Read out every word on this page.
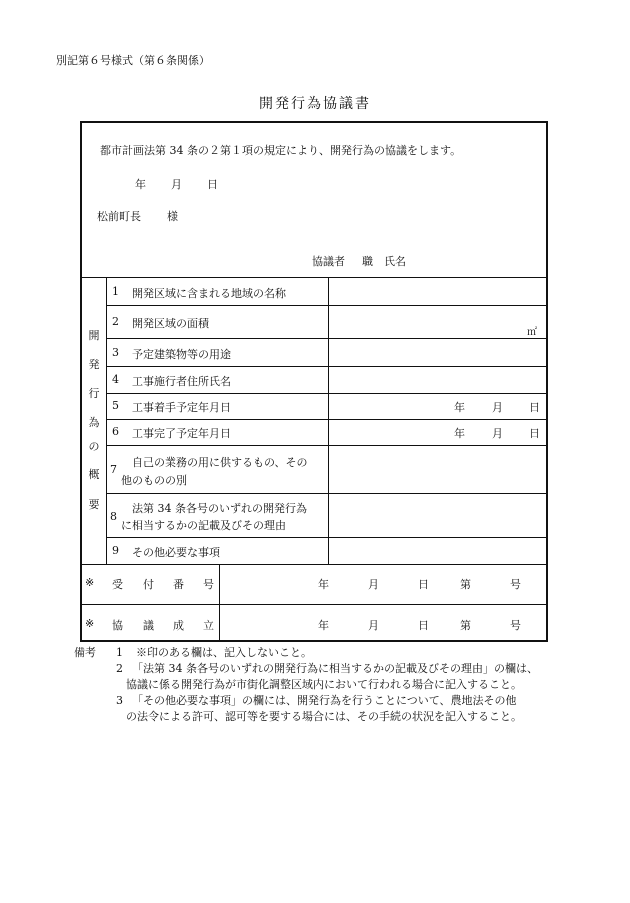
別記第６号様式（第６条関係）
開発行為協議書
都市計画法第 34 条の２第１項の規定により、開発行為の協議をします。
年 月 日
松前町長 様
協議者 職 氏名
開
発
行
為
の
概
要
1 開発区域に含まれる地域の名称
2 開発区域の面積
㎡
3 予定建築物等の用途
4 工事施行者住所氏名
5 工事着手予定年月日	年 月 日
6 工事完了予定年月日	年 月 日
7
自己の業務の用に供するもの、その
他のものの別
8
法第 34 条各号のいずれの開発行為
に相当するかの記載及びその理由
9 その他必要な事項
※ 受 付 番 号	年	月	日	第	号
※ 協 議 成 立	年	月	日	第	号
備考 1 ※印のある欄は、記入しないこと。
2 「法第 34 条各号のいずれの開発行為に相当するかの記載及びその理由」の欄は、
協議に係る開発行為が市街化調整区域内において行われる場合に記入すること。
3 「その他必要な事項」の欄には、開発行為を行うことについて、農地法その他
の法令による許可、認可等を要する場合には、その手続の状況を記入すること。
